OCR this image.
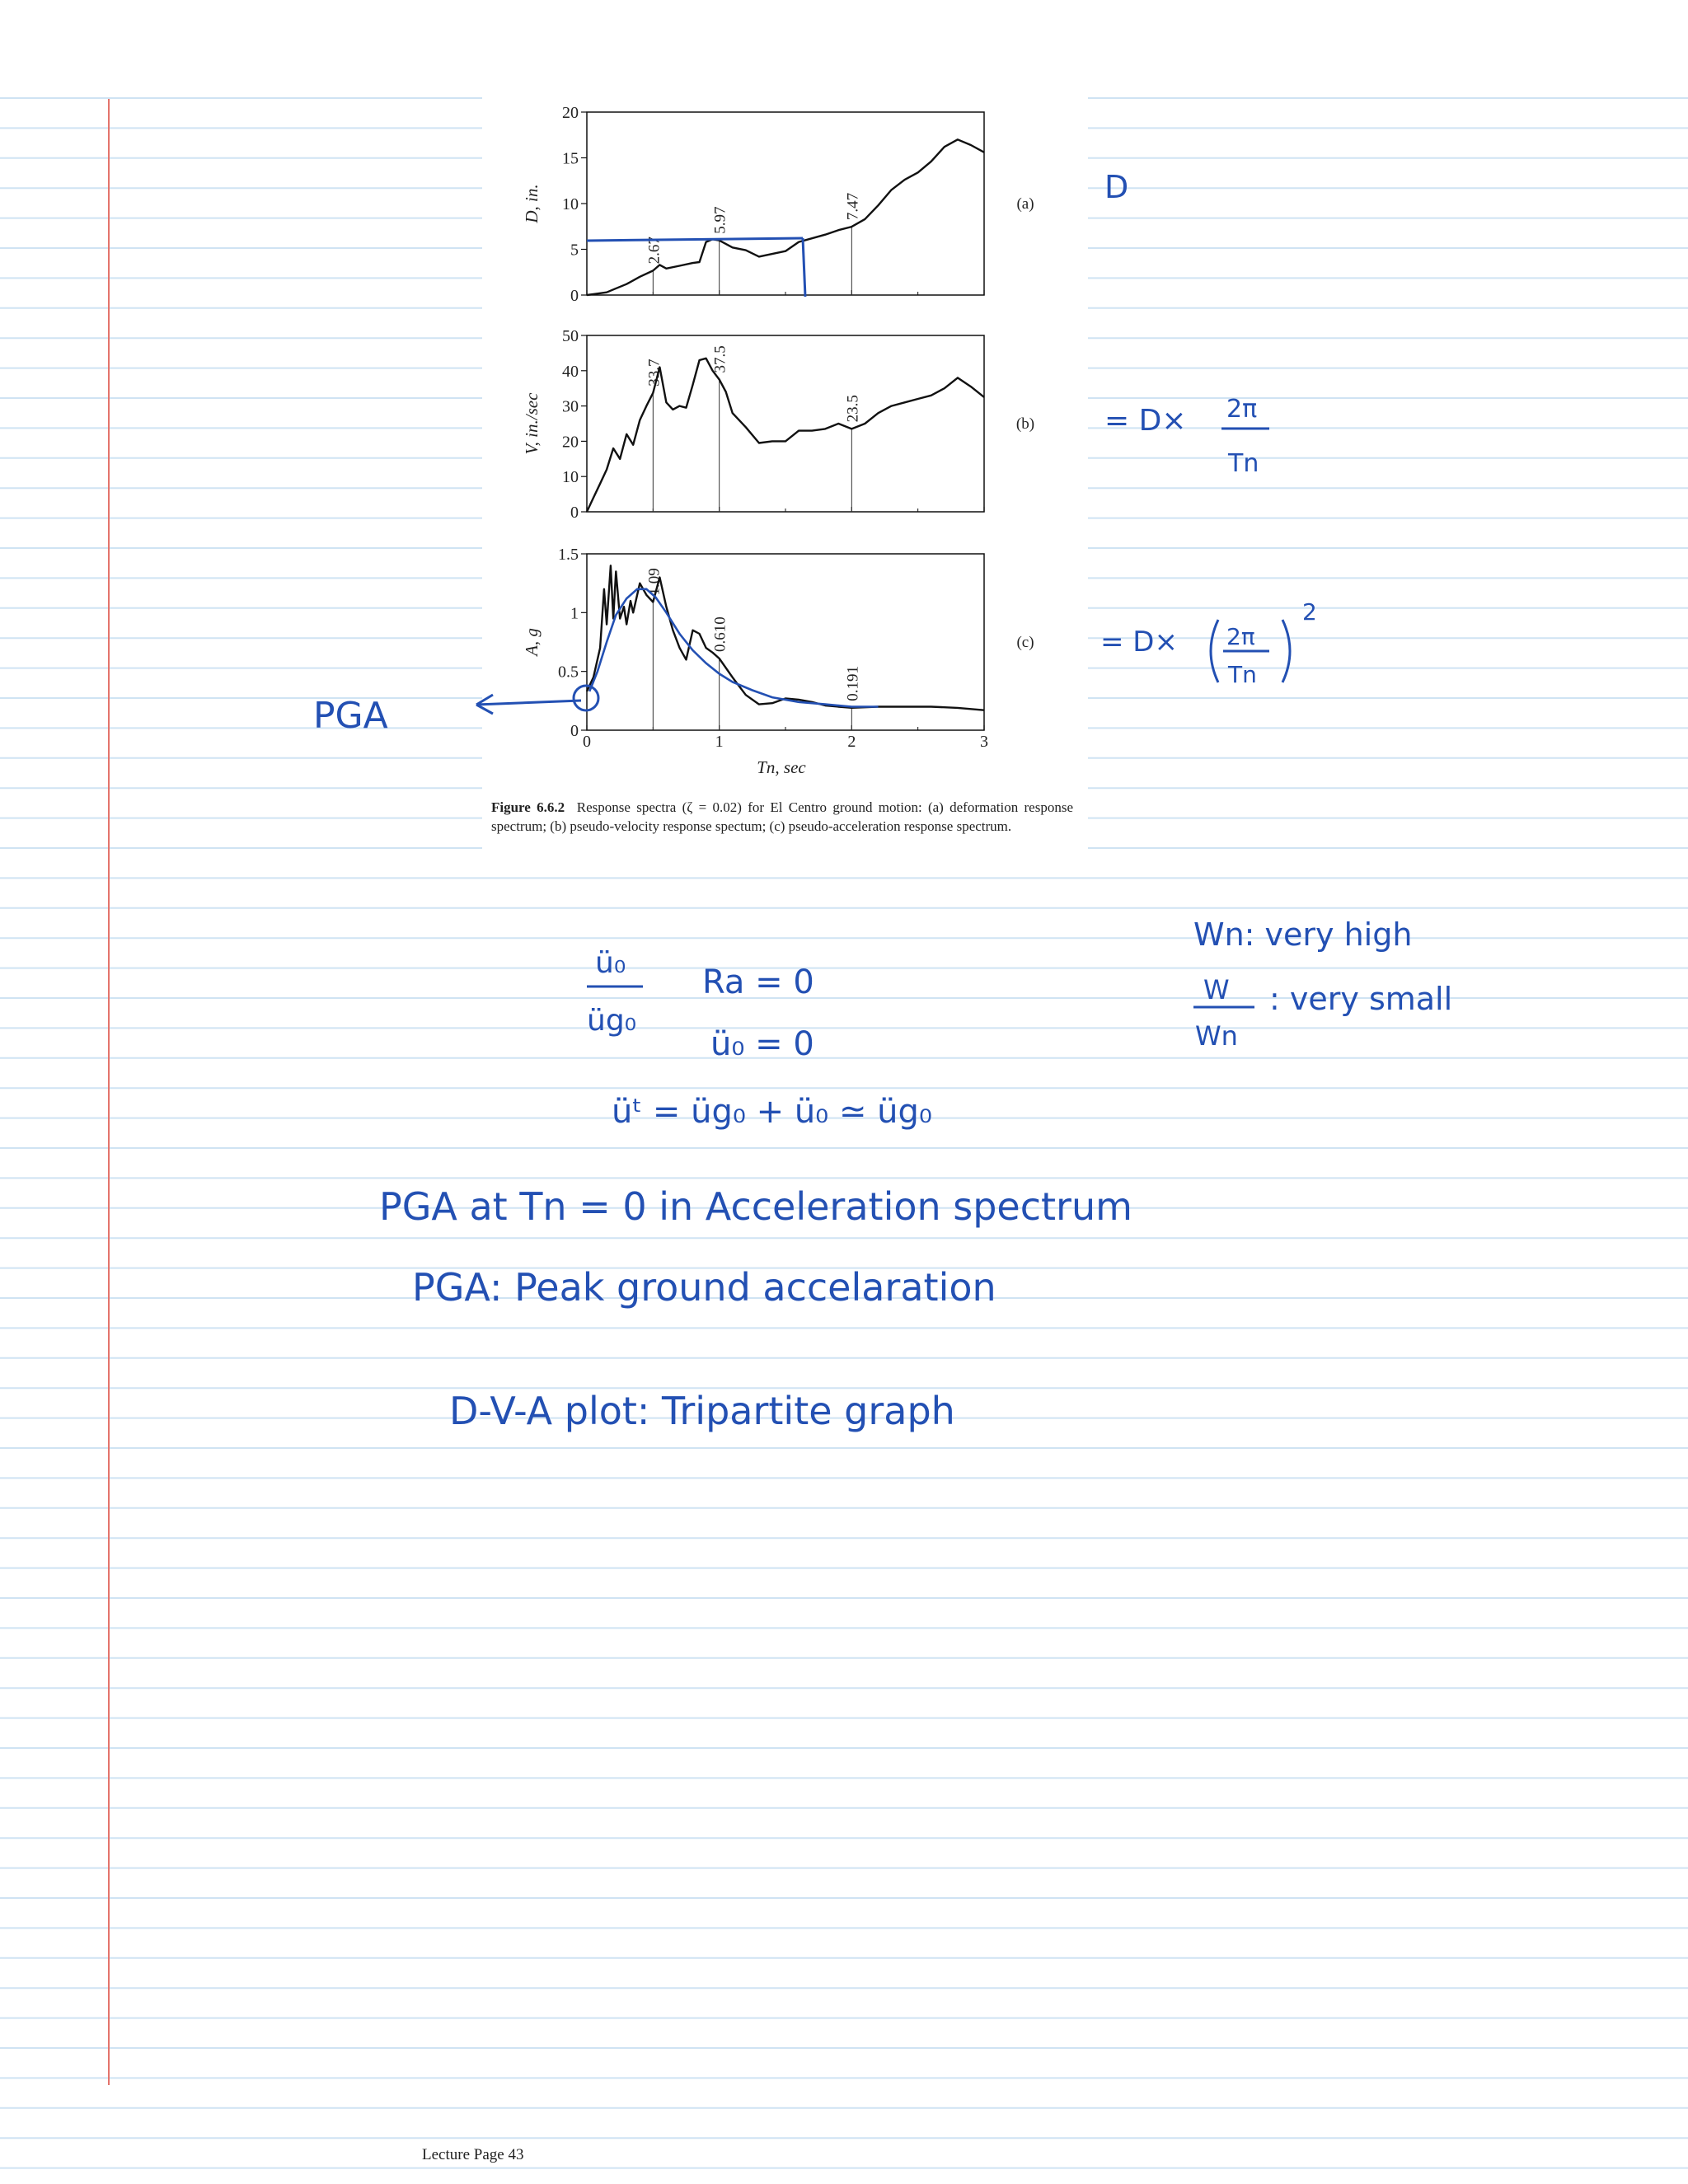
0
5
10
15
20
D, in.	(a)
2.67
5.97
7.47
0
10
20
30
40
50
V, in./sec	(b)
33.7	37.5
23.5
0
0.5
1
1.5
A, g	(c)
1.09
0.610
0.191
0	1	2	3
Tn, sec
PGA
D
= D× 2π
Tn
= D× 2π
Tn
2
ü₀
üg₀
Ra = 0
ü₀ = 0
üᵗ = üg₀ + ü₀ ≃ üg₀
Wn: very high
W
Wn
: very small
PGA at Tn = 0 in Acceleration spectrum
PGA: Peak ground accelaration
D-V-A plot: Tripartite graph
Figure 6.6.2 Response spectra (ζ = 0.02) for El Centro ground motion: (a) deformation response spectrum; (b) pseudo-velocity response spectum; (c) pseudo-acceleration response spectrum.
Lecture Page 43
